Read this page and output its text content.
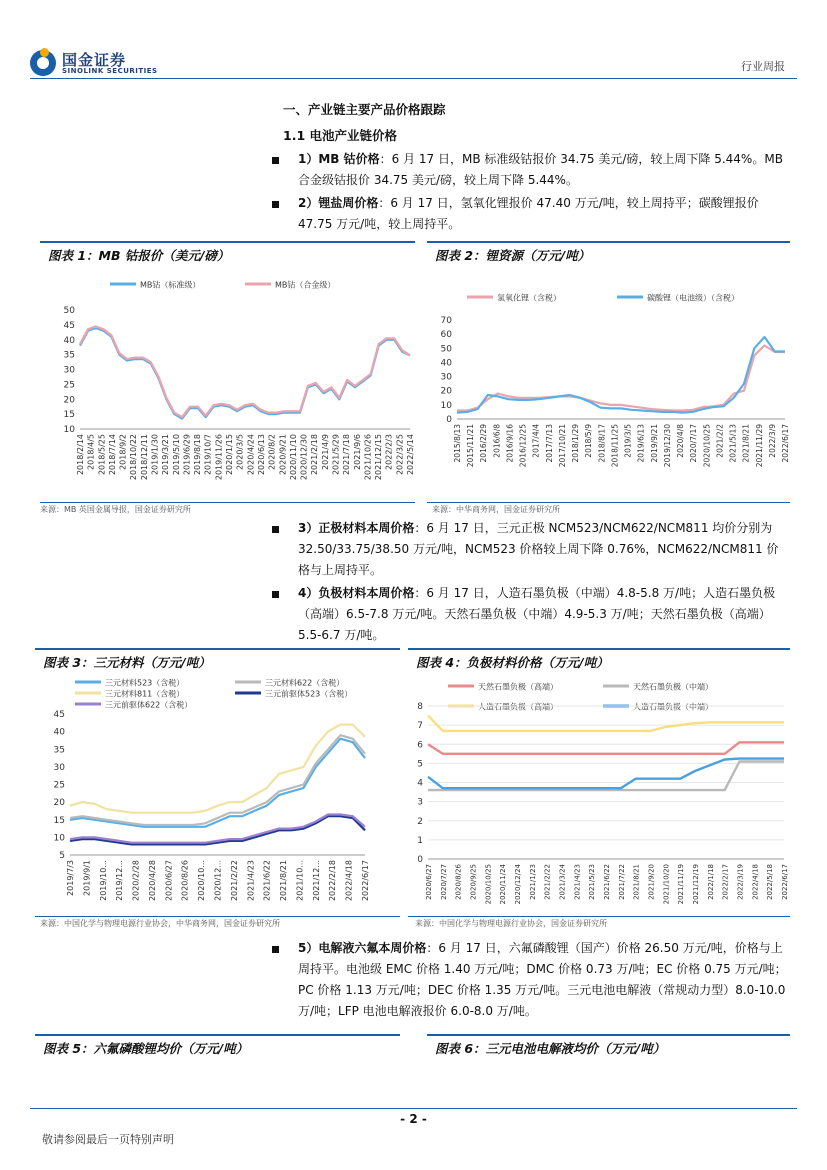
国金证券
SINOLINK SECURITIES	行业周报
一、产业链主要产品价格跟踪
1.1 电池产业链价格
1）MB 钴价格：6 月 17 日，MB 标准级钴报价 34.75 美元/磅，较上周下降 5.44%。MB 合金级钴报价 34.75 美元/磅，较上周下降 5.44%。
2）锂盐周价格：6 月 17 日，氢氧化锂报价 47.40 万元/吨，较上周持平；碳酸锂报价 47.75 万元/吨，较上周持平。
图表 1：MB 钴报价（美元/磅）	图表 2：锂资源（万元/吨）
MB钴（标准级）	MB钴（合金级）
10
15
20
25
30
35
40
45
50
2018/2/14 2018/4/5 2018/5/25 2018/7/14 2018/9/2 2018/10/22 2018/12/11 2019/1/30 2019/3/21 2019/5/10 2019/6/29 2019/8/18 2019/10/7 2019/11/26 2020/1/15 2020/3/5 2020/4/24 2020/6/13 2020/8/2 2020/9/21 2020/11/10 2020/12/30 2021/2/18 2021/4/9 2021/5/29 2021/7/18 2021/9/6 2021/10/26 2021/12/15 2022/2/3 2022/3/25 2022/5/14
氢氧化锂（含税）	碳酸锂（电池级）（含税）
0
10
20
30
40
50
60
70
2015/8/13 2015/11/21 2016/2/29 2016/6/8 2016/9/16 2016/12/25 2017/4/4 2017/7/13 2017/10/21 2018/1/29 2018/5/9 2018/8/17 2018/11/25 2019/3/5 2019/6/13 2019/9/21 2019/12/30 2020/4/8 2020/7/17 2020/10/25 2021/2/2 2021/5/13 2021/8/21 2021/11/29 2022/3/9 2022/6/17
来源：MB 英国金属导报，国金证券研究所	来源：中华商务网，国金证券研究所
3）正极材料本周价格：6 月 17 日，三元正极 NCM523/NCM622/NCM811 均价分别为 32.50/33.75/38.50 万元/吨，NCM523 价格较上周下降 0.76%，NCM622/NCM811 价格与上周持平。
4）负极材料本周价格：6 月 17 日，人造石墨负极（中端）4.8-5.8 万/吨；人造石墨负极（高端）6.5-7.8 万元/吨。天然石墨负极（中端）4.9-5.3 万/吨；天然石墨负极（高端）5.5-6.7 万/吨。
图表 3：三元材料（万元/吨）	图表 4：负极材料价格（万元/吨）
三元材料523（含税）	三元材料622（含税）
三元材料811（含税）	三元前驱体523（含税）
三元前驱体622（含税）
5
10
15
20
25
30
35
40
45
2019/7/3 2019/9/1 2019/10... 2019/12... 2020/2/28 2020/4/28 2020/6/27 2020/8/26 2020/10... 2020/12... 2021/2/22 2021/4/23 2021/6/22 2021/8/21 2021/10... 2021/12... 2022/2/18 2022/4/18 2022/6/17
天然石墨负极（高端）	天然石墨负极（中端）
人造石墨负极（高端）	人造石墨负极（中端）
0
1
2
3
4
5
6
7
8
2020/6/27 2020/7/27 2020/8/26 2020/9/25 2020/10/25 2020/11/24 2020/12/24 2021/1/23 2021/2/22 2021/3/24 2021/4/23 2021/5/23 2021/6/22 2021/7/22 2021/8/21 2021/9/20 2021/10/20 2021/11/19 2021/12/19 2022/1/18 2022/2/17 2022/3/19 2022/4/18 2022/5/18 2022/6/17
来源：中国化学与物理电源行业协会，中华商务网，国金证券研究所	来源：中国化学与物理电源行业协会，国金证券研究所
5）电解液六氟本周价格：6 月 17 日，六氟磷酸锂（国产）价格 26.50 万元/吨，价格与上周持平。电池级 EMC 价格 1.40 万元/吨；DMC 价格 0.73 万/吨；EC 价格 0.75 万元/吨；PC 价格 1.13 万元/吨；DEC 价格 1.35 万元/吨。三元电池电解液（常规动力型）8.0-10.0 万/吨；LFP 电池电解液报价 6.0-8.0 万/吨。
图表 5：六氟磷酸锂均价（万元/吨）	图表 6：三元电池电解液均价（万元/吨）
- 2 -
敬请参阅最后一页特别声明
